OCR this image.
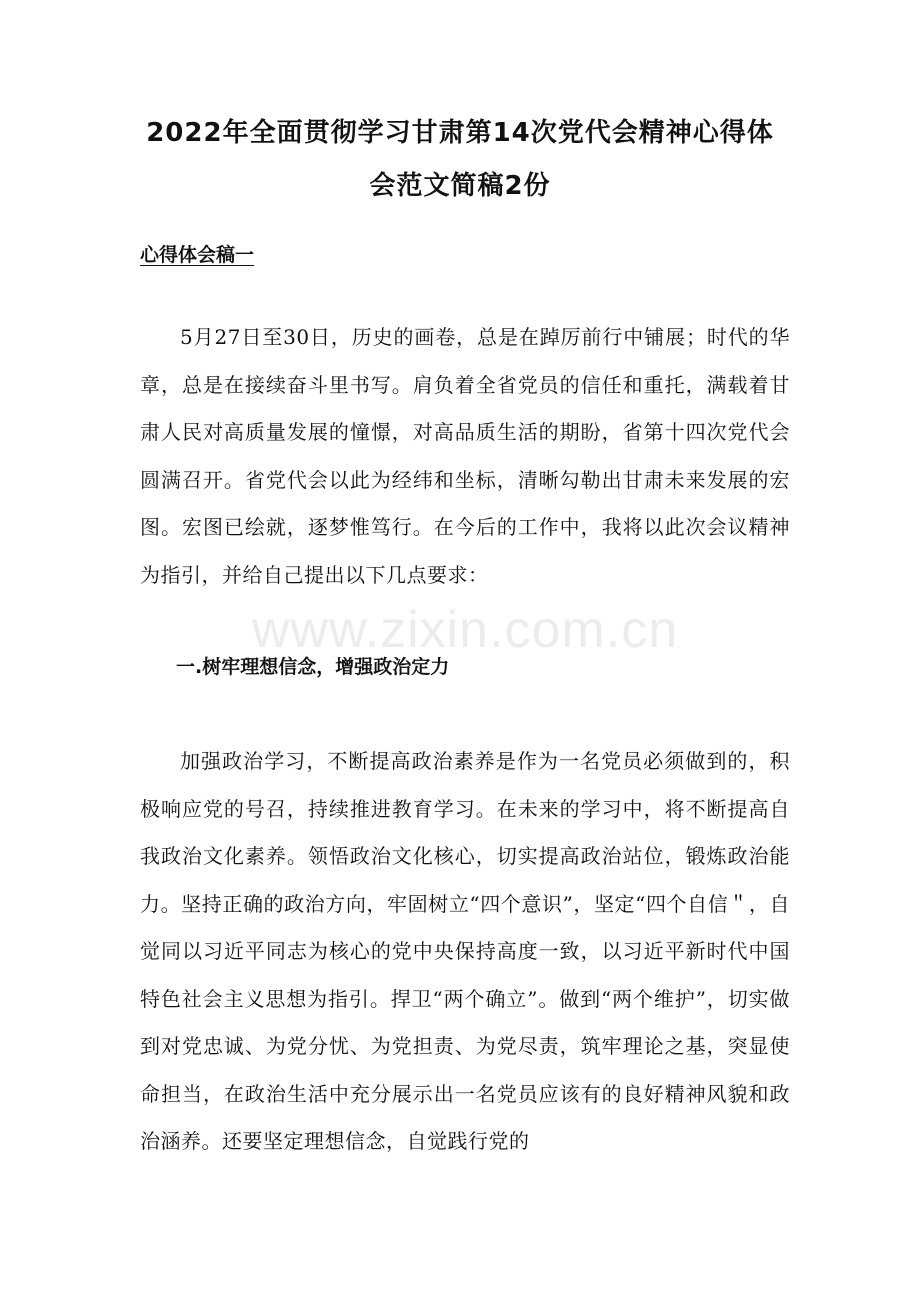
2022年全面贯彻学习甘肃第14次党代会精神心得体
会范文简稿2份
心得体会稿一

5月27日至30日，历史的画卷，总是在踔厉前行中铺展；时代的华章，总是在接续奋斗里书写。肩负着全省党员的信任和重托，满载着甘肃人民对高质量发展的憧憬，对高品质生活的期盼，省第十四次党代会圆满召开。省党代会以此为经纬和坐标，清晰勾勒出甘肃未来发展的宏图。宏图已绘就，逐梦惟笃行。在今后的工作中，我将以此次会议精神为指引，并给自己提出以下几点要求：

www.zixin.com.cn
一.树牢理想信念，增强政治定力

加强政治学习，不断提高政治素养是作为一名党员必须做到的，积极响应党的号召，持续推进教育学习。在未来的学习中，将不断提高自我政治文化素养。领悟政治文化核心，切实提高政治站位，锻炼政治能力。坚持正确的政治方向，牢固树立“四个意识”，坚定“四个自信＂，自觉同以习近平同志为核心的党中央保持高度一致，以习近平新时代中国特色社会主义思想为指引。捍卫“两个确立”。做到“两个维护”，切实做到对党忠诚、为党分忧、为党担责、为党尽责，筑牢理论之基，突显使命担当，在政治生活中充分展示出一名党员应该有的良好精神风貌和政治涵养。还要坚定理想信念，自觉践行党的
